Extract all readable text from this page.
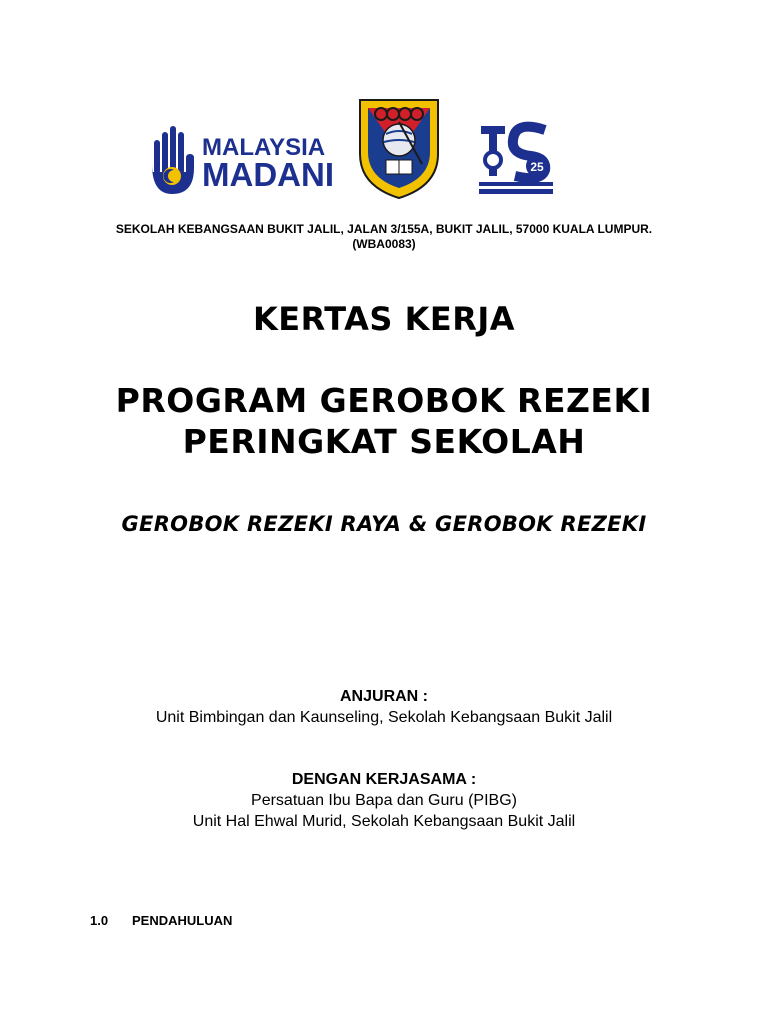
MALAYSIA
MADANI	25
SEKOLAH KEBANGSAAN BUKIT JALIL, JALAN 3/155A, BUKIT JALIL, 57000 KUALA LUMPUR.
(WBA0083)
KERTAS KERJA
PROGRAM GEROBOK REZEKI
PERINGKAT SEKOLAH
GEROBOK REZEKI RAYA & GEROBOK REZEKI
ANJURAN :
Unit Bimbingan dan Kaunseling, Sekolah Kebangsaan Bukit Jalil
DENGAN KERJASAMA :
Persatuan Ibu Bapa dan Guru (PIBG)
Unit Hal Ehwal Murid, Sekolah Kebangsaan Bukit Jalil
1.0 PENDAHULUAN
